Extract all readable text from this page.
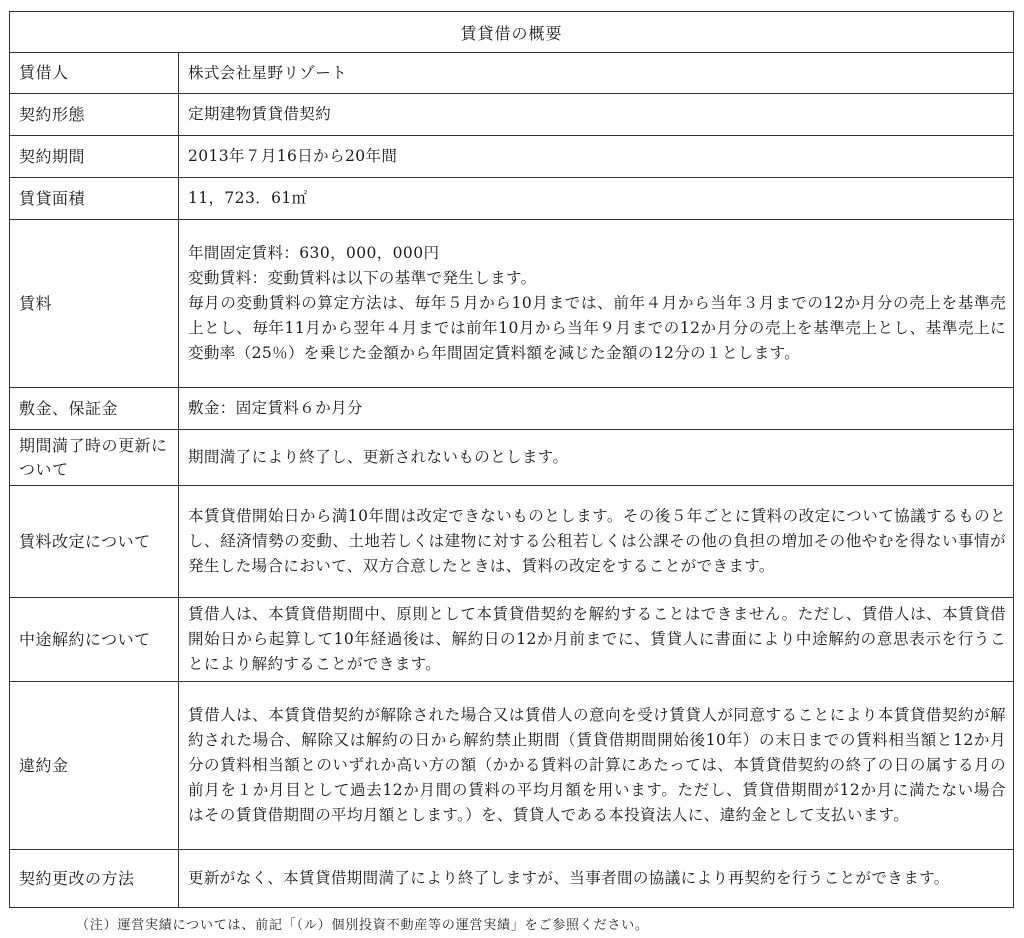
賃貸借の概要	
賃借人	株式会社星野リゾート

契約形態	定期建物賃貸借契約

契約期間	2013年７月16日から20年間

賃貸面積	11，723．61㎡

賃料	年間固定賃料：630，000，000円
変動賃料：変動賃料は以下の基準で発生します。
毎月の変動賃料の算定方法は、毎年５月から10月までは、前年４月から当年３月までの12か月分の売上を基準売上とし、毎年11月から翌年４月までは前年10月から当年９月までの12か月分の売上を基準売上とし、基準売上に変動率（25％）を乗じた金額から年間固定賃料額を減じた金額の12分の１とします。

敷金、保証金	敷金：固定賃料６か月分

期間満了時の更新について	期間満了により終了し、更新されないものとします。

賃料改定について	本賃貸借開始日から満10年間は改定できないものとします。その後５年ごとに賃料の改定について協議するものとし、経済情勢の変動、土地若しくは建物に対する公租若しくは公課その他の負担の増加その他やむを得ない事情が発生した場合において、双方合意したときは、賃料の改定をすることができます。

中途解約について	賃借人は、本賃貸借期間中、原則として本賃貸借契約を解約することはできません。ただし、賃借人は、本賃貸借開始日から起算して10年経過後は、解約日の12か月前までに、賃貸人に書面により中途解約の意思表示を行うことにより解約することができます。

違約金	賃借人は、本賃貸借契約が解除された場合又は賃借人の意向を受け賃貸人が同意することにより本賃貸借契約が解約された場合、解除又は解約の日から解約禁止期間（賃貸借期間開始後10年）の末日までの賃料相当額と12か月分の賃料相当額とのいずれか高い方の額（かかる賃料の計算にあたっては、本賃貸借契約の終了の日の属する月の前月を１か月目として過去12か月間の賃料の平均月額を用います。ただし、賃貸借期間が12か月に満たない場合はその賃貸借期間の平均月額とします。）を、賃貸人である本投資法人に、違約金として支払います。

契約更改の方法	更新がなく、本賃貸借期間満了により終了しますが、当事者間の協議により再契約を行うことができます。
（注）運営実績については、前記「（ル）個別投資不動産等の運営実績」をご参照ください。
